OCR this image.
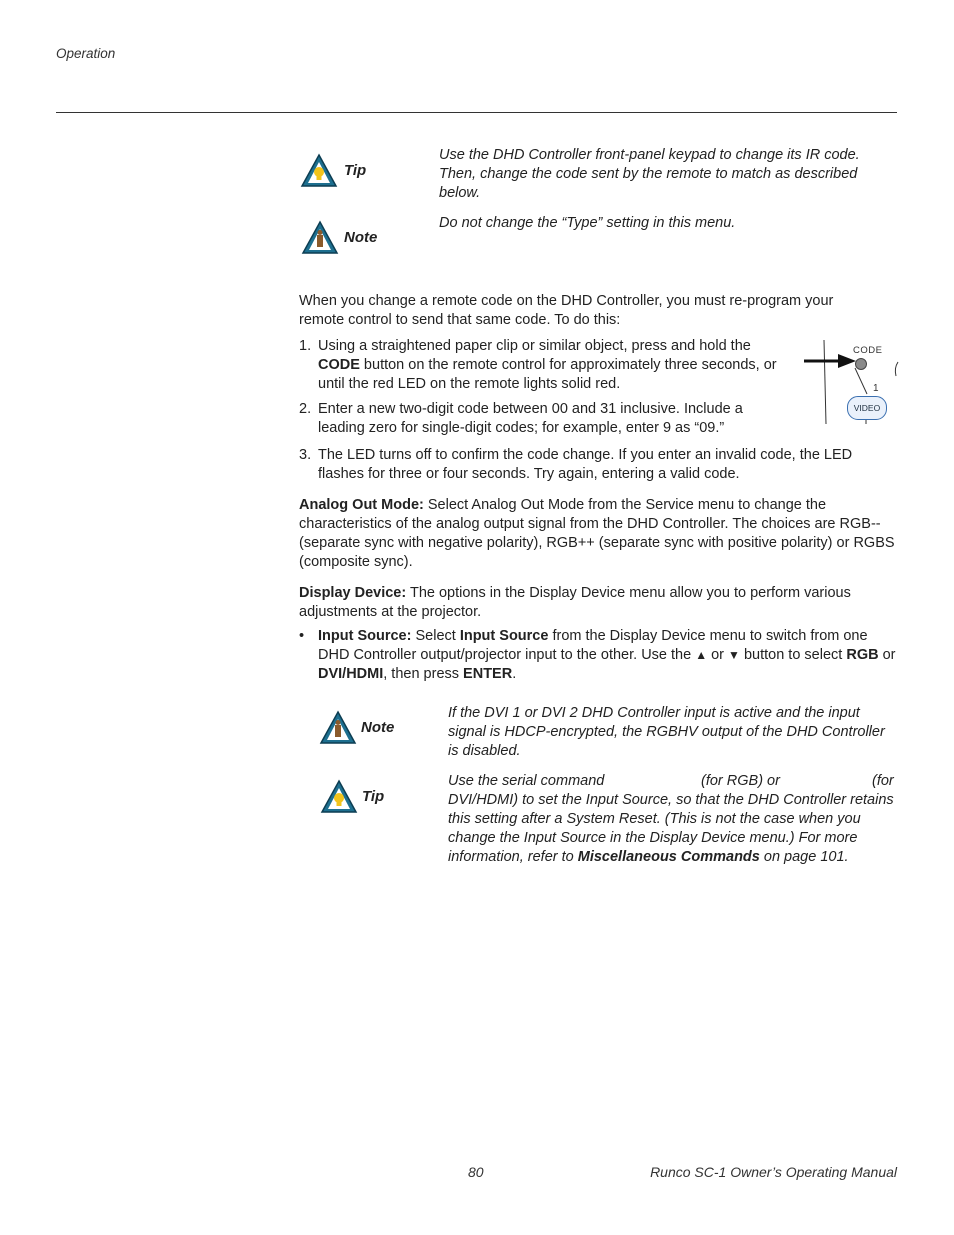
Operation
Tip
Use the DHD Controller front-panel keypad to change its IR code. Then, change the code sent by the remote to match as described below.
Note
Do not change the “Type” setting in this menu.
When you change a remote code on the DHD Controller, you must re-program your remote control to send that same code. To do this:
1. Using a straightened paper clip or similar object, press and hold the CODE button on the remote control for approximately three seconds, or until the red LED on the remote lights solid red.
2. Enter a new two-digit code between 00 and 31 inclusive. Include a leading zero for single-digit codes; for example, enter 9 as “09.”
3. The LED turns off to confirm the code change. If you enter an invalid code, the LED flashes for three or four seconds. Try again, entering a valid code.
CODE
1
VIDEO
Analog Out Mode: Select Analog Out Mode from the Service menu to change the characteristics of the analog output signal from the DHD Controller. The choices are RGB-- (separate sync with negative polarity), RGB++ (separate sync with positive polarity) or RGBS (composite sync).
Display Device: The options in the Display Device menu allow you to perform various adjustments at the projector.
• Input Source: Select Input Source from the Display Device menu to switch from one DHD Controller output/projector input to the other. Use the ▲ or ▼ button to select RGB or DVI/HDMI, then press ENTER.
Note
If the DVI 1 or DVI 2 DHD Controller input is active and the input signal is HDCP-encrypted, the RGBHV output of the DHD Controller is disabled.
Tip
Use the serial command	(for RGB) or	(for
DVI/HDMI) to set the Input Source, so that the DHD Controller retains this setting after a System Reset. (This is not the case when you change the Input Source in the Display Device menu.) For more information, refer to Miscellaneous Commands on page 101.
80	Runco SC-1 Owner’s Operating Manual
